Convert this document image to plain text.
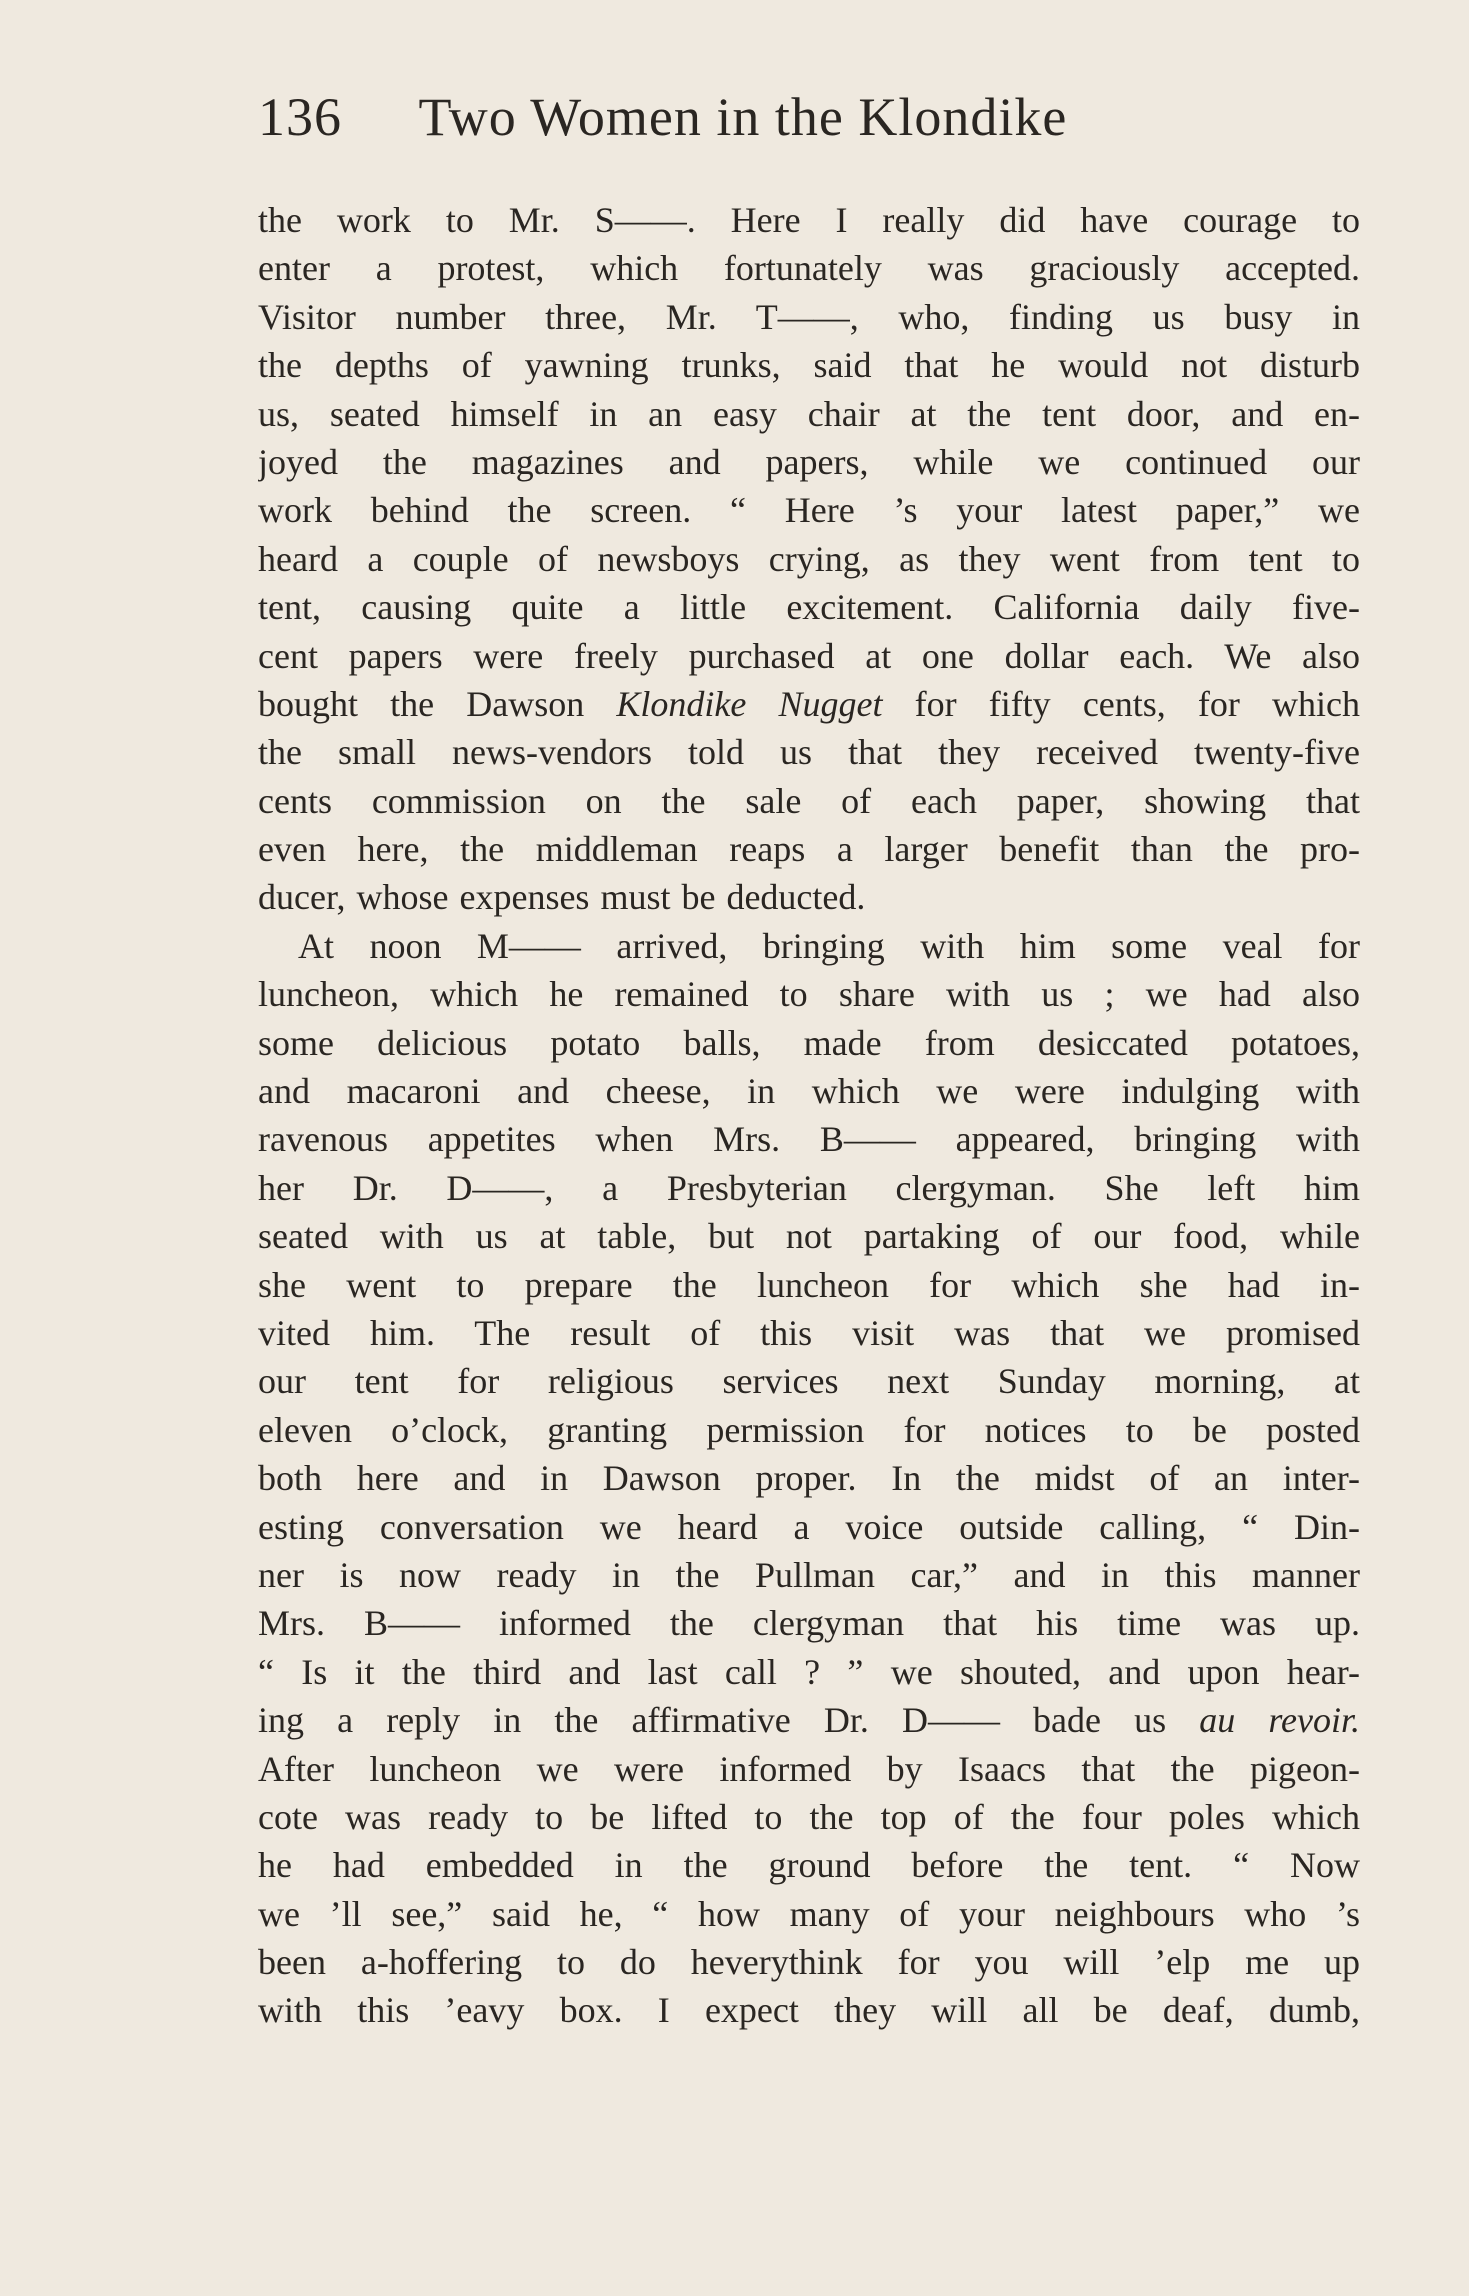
136 Two Women in the Klondike
the work to Mr. S——. Here I really did have courage to
enter a protest, which fortunately was graciously accepted.
Visitor number three, Mr. T——, who, finding us busy in
the depths of yawning trunks, said that he would not disturb
us, seated himself in an easy chair at the tent door, and en-
joyed the magazines and papers, while we continued our
work behind the screen. “ Here ’s your latest paper,” we
heard a couple of newsboys crying, as they went from tent to
tent, causing quite a little excitement. California daily five-
cent papers were freely purchased at one dollar each. We also
bought the Dawson Klondike Nugget for fifty cents, for which
the small news-vendors told us that they received twenty-five
cents commission on the sale of each paper, showing that
even here, the middleman reaps a larger benefit than the pro-
ducer, whose expenses must be deducted.
At noon M—— arrived, bringing with him some veal for
luncheon, which he remained to share with us ; we had also
some delicious potato balls, made from desiccated potatoes,
and macaroni and cheese, in which we were indulging with
ravenous appetites when Mrs. B—— appeared, bringing with
her Dr. D——, a Presbyterian clergyman. She left him
seated with us at table, but not partaking of our food, while
she went to prepare the luncheon for which she had in-
vited him. The result of this visit was that we promised
our tent for religious services next Sunday morning, at
eleven o’clock, granting permission for notices to be posted
both here and in Dawson proper. In the midst of an inter-
esting conversation we heard a voice outside calling, “ Din-
ner is now ready in the Pullman car,” and in this manner
Mrs. B—— informed the clergyman that his time was up.
“ Is it the third and last call ? ” we shouted, and upon hear-
ing a reply in the affirmative Dr. D—— bade us au revoir.
After luncheon we were informed by Isaacs that the pigeon-
cote was ready to be lifted to the top of the four poles which
he had embedded in the ground before the tent. “ Now
we ’ll see,” said he, “ how many of your neighbours who ’s
been a-hoffering to do heverythink for you will ’elp me up
with this ’eavy box. I expect they will all be deaf, dumb,
